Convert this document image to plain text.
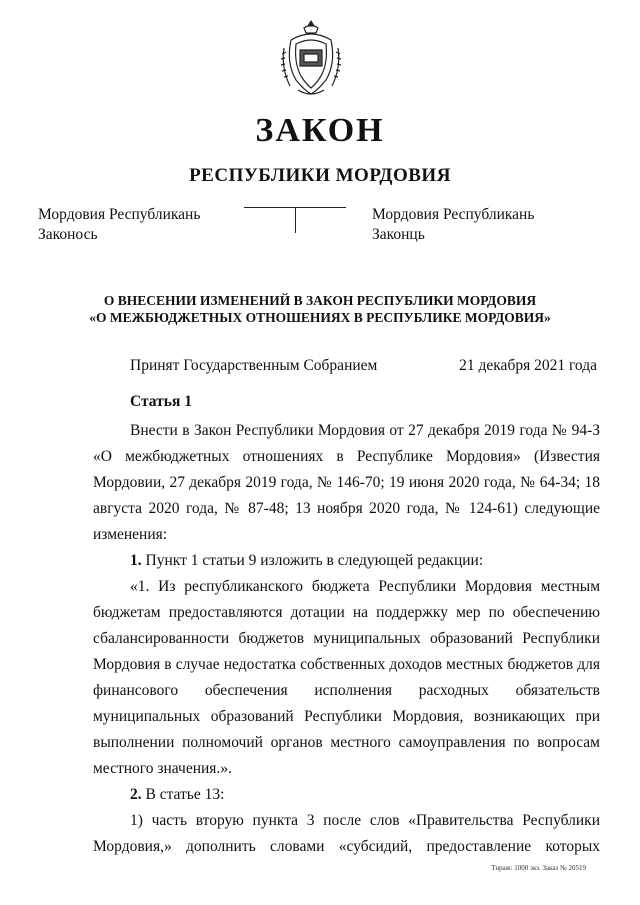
ЗАКОН
РЕСПУБЛИКИ МОРДОВИЯ
Мордовия Республикань
Законось
Мордовия Республикань
Законць
О ВНЕСЕНИИ ИЗМЕНЕНИЙ В ЗАКОН РЕСПУБЛИКИ МОРДОВИЯ
«О МЕЖБЮДЖЕТНЫХ ОТНОШЕНИЯХ В РЕСПУБЛИКЕ МОРДОВИЯ»
Принят Государственным Собранием	21 декабря 2021 года
Статья 1

Внести в Закон Республики Мордовия от 27 декабря 2019 года № 94-З «О межбюджетных отношениях в Республике Мордовия» (Известия Мордовии, 27 декабря 2019 года, № 146-70; 19 июня 2020 года, № 64-34; 18 августа 2020 года, № 87-48; 13 ноября 2020 года, № 124-61) следующие изменения:

1. Пункт 1 статьи 9 изложить в следующей редакции:

«1. Из республиканского бюджета Республики Мордовия местным бюджетам предоставляются дотации на поддержку мер по обеспечению сбалансированности бюджетов муниципальных образований Республики Мордовия в случае недостатка собственных доходов местных бюджетов для финансового обеспечения исполнения расходных обязательств муниципальных образований Республики Мордовия, возникающих при выполнении полномочий органов местного самоуправления по вопросам местного значения.».

2. В статье 13:

1) часть вторую пункта 3 после слов «Правительства Республики Мордовия,» дополнить словами «субсидий, предоставление которых

Тираж: 1000 экз. Заказ № 20519
